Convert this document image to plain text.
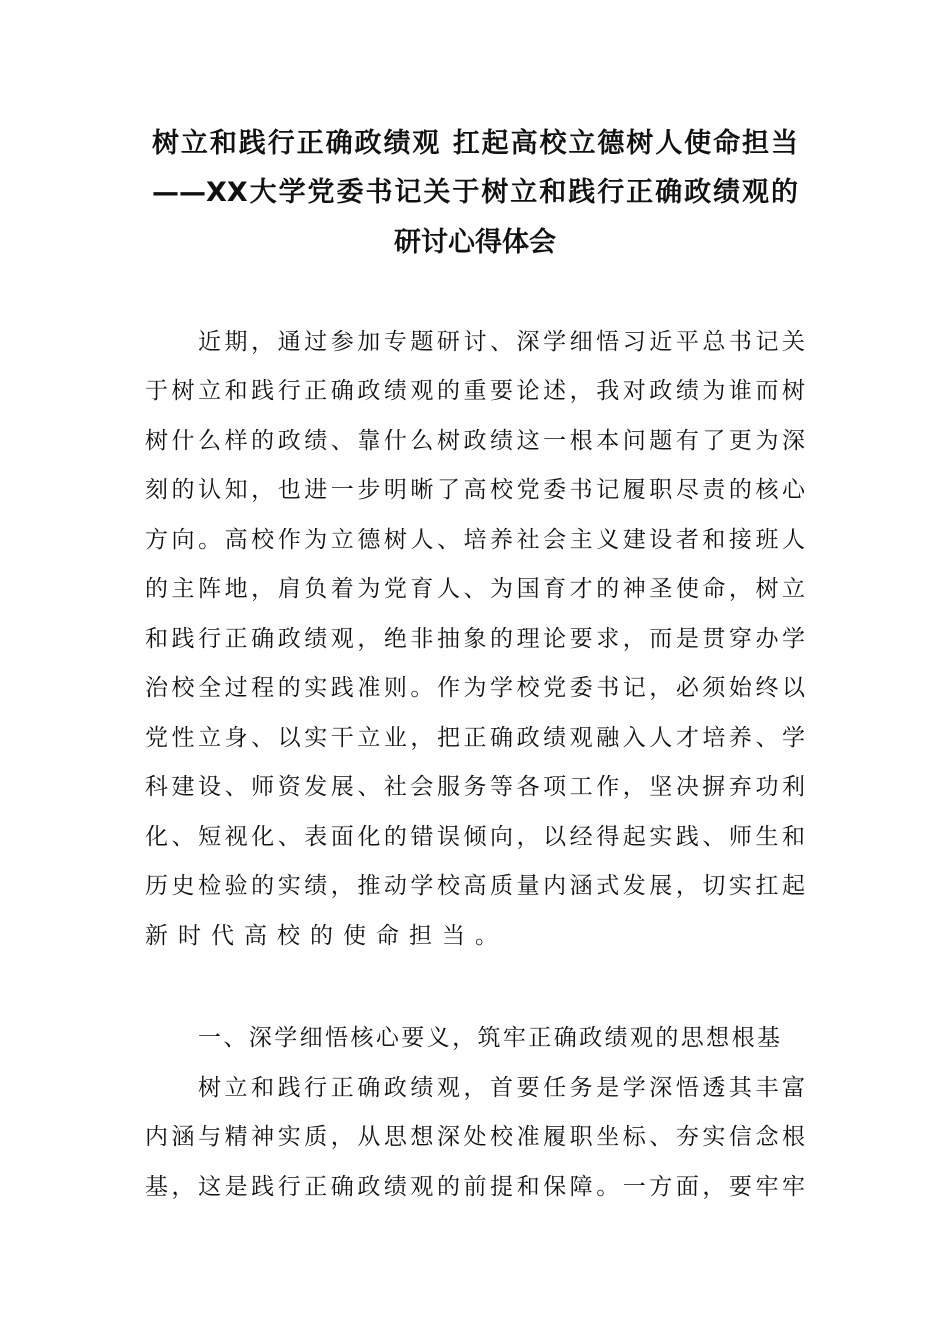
树立和践行正确政绩观 扛起高校立德树人使命担当
——XX大学党委书记关于树立和践行正确政绩观的
研讨心得体会
近期，通过参加专题研讨、深学细悟习近平总书记关
于树立和践行正确政绩观的重要论述，我对政绩为谁而树
树什么样的政绩、靠什么树政绩这一根本问题有了更为深
刻的认知，也进一步明晰了高校党委书记履职尽责的核心
方向。高校作为立德树人、培养社会主义建设者和接班人
的主阵地，肩负着为党育人、为国育才的神圣使命，树立
和践行正确政绩观，绝非抽象的理论要求，而是贯穿办学
治校全过程的实践准则。作为学校党委书记，必须始终以
党性立身、以实干立业，把正确政绩观融入人才培养、学
科建设、师资发展、社会服务等各项工作，坚决摒弃功利
化、短视化、表面化的错误倾向，以经得起实践、师生和
历史检验的实绩，推动学校高质量内涵式发展，切实扛起
新时代高校的使命担当。
一、深学细悟核心要义，筑牢正确政绩观的思想根基
树立和践行正确政绩观，首要任务是学深悟透其丰富
内涵与精神实质，从思想深处校准履职坐标、夯实信念根
基，这是践行正确政绩观的前提和保障。一方面，要牢牢
